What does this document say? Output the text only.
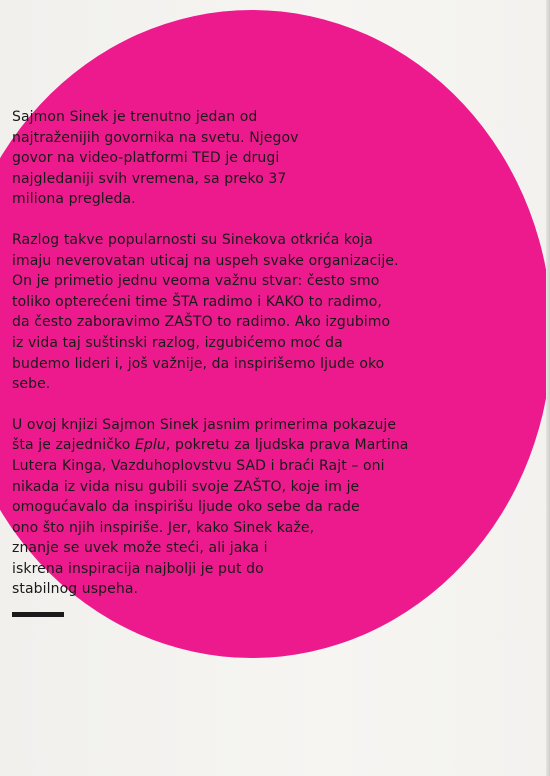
Sajmon Sinek je trenutno jedan od
najtraženijih govornika na svetu. Njegov
govor na video-platformi TED je drugi
najgledaniji svih vremena, sa preko 37
miliona pregleda.
Razlog takve popularnosti su Sinekova otkrića koja
imaju neverovatan uticaj na uspeh svake organizacije.
On je primetio jednu veoma važnu stvar: često smo
toliko opterećeni time ŠTA radimo i KAKO to radimo,
da često zaboravimo ZAŠTO to radimo. Ako izgubimo
iz vida taj suštinski razlog, izgubićemo moć da
budemo lideri i, još važnije, da inspirišemo ljude oko
sebe.
U ovoj knjizi Sajmon Sinek jasnim primerima pokazuje
šta je zajedničko Eplu, pokretu za ljudska prava Martina
Lutera Kinga, Vazduhoplovstvu SAD i braći Rajt – oni
nikada iz vida nisu gubili svoje ZAŠTO, koje im je
omogućavalo da inspirišu ljude oko sebe da rade
ono što njih inspiriše. Jer, kako Sinek kaže,
znanje se uvek može steći, ali jaka i
iskrena inspiracija najbolji je put do
stabilnog uspeha.
